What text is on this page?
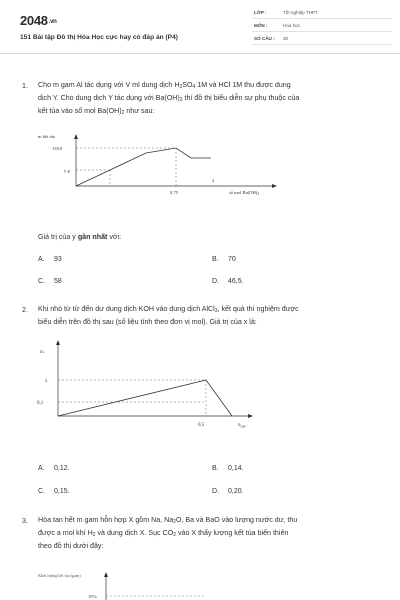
2048.vn
151 Bài tập Đồ thị Hóa Học cực hay có đáp án (P4)
LỚP :	Tốt nghiệp THPT
MÔN :	Hóa học
SỐ CÂU : 30
1. Cho m gam Al tác dụng với V ml dung dịch $H_2SO_4$ 1M và HCl 1M thu được dung
dịch Y. Cho dung dịch Y tác dụng với $Ba(OH)_2$ thì đồ thị biểu diễn sự phụ thuộc của
kết tủa vào số mol $Ba(OH)_2$ như sau:
m kết tủa
139,9
y g
0,75
4
số mol $Ba(OH)_2$
Giá trị của y gần nhất với:
A. 93	B. 70
C. 58	D. 46,5.
2. Khi nhỏ từ từ đến dư dung dịch KOH vào dung dịch AlCl$_3$, kết quả thí nghiệm được
biểu diễn trên đồ thị sau (số liệu tính theo đơn vị mol). Giá trị của x là:
n↓
x
0,1
0,5	$n_{OH^-}$
A. 0,12.	B. 0,14.
C. 0,15.	D. 0,20.
3. Hòa tan hết m gam hỗn hợp X gồm Na, $Na_2O$, Ba và BaO vào lượng nước dư, thu
được a mol khí $H_2$ và dung dịch X. Sục $CO_2$ vào X thấy lượng kết tủa biến thiên
theo đồ thị dưới đây:
Khối lượng kết tủa (gam)
197a
